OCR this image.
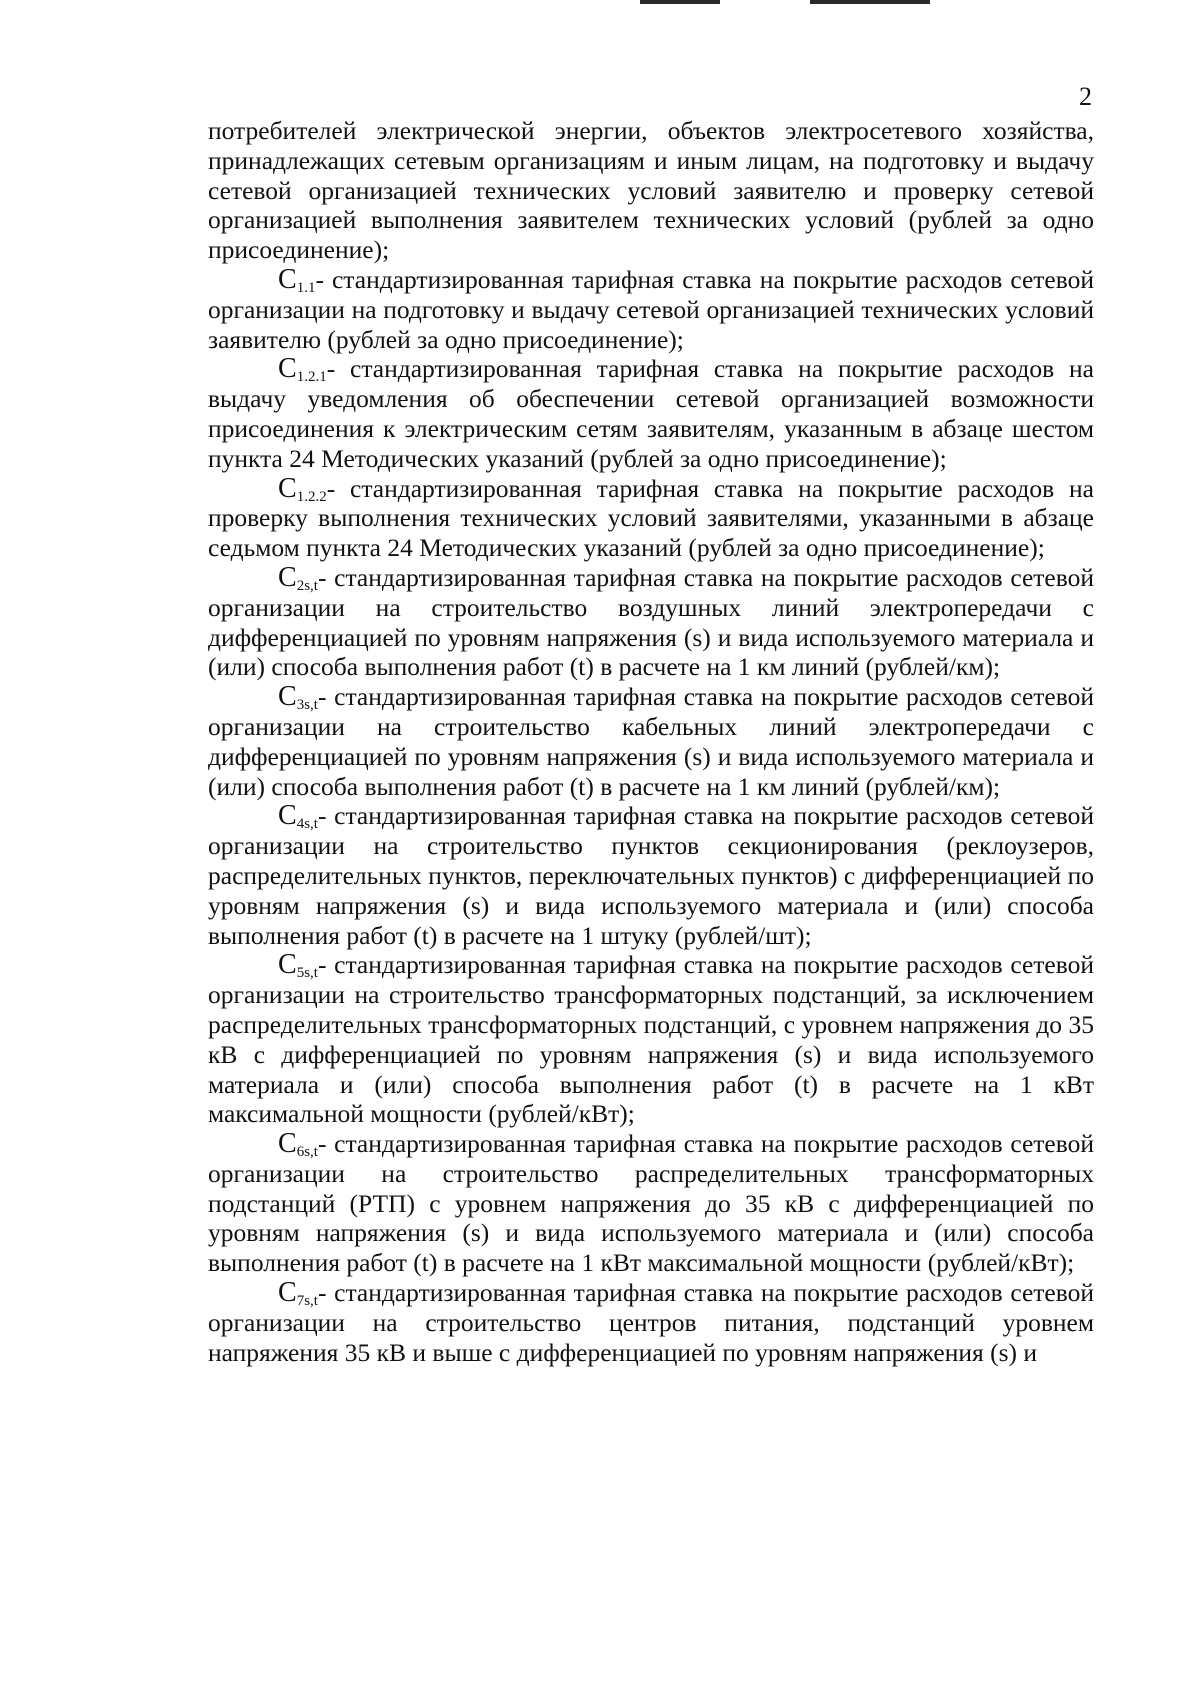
2

потребителей электрической энергии, объектов электросетевого хозяйства, принадлежащих сетевым организациям и иным лицам, на подготовку и выдачу сетевой организацией технических условий заявителю и проверку сетевой организацией выполнения заявителем технических условий (рублей за одно присоединение);

$C_{1.1}-$ стандартизированная тарифная ставка на покрытие расходов сетевой организации на подготовку и выдачу сетевой организацией технических условий заявителю (рублей за одно присоединение);

$C_{1.2.1}-$ стандартизированная тарифная ставка на покрытие расходов на выдачу уведомления об обеспечении сетевой организацией возможности присоединения к электрическим сетям заявителям, указанным в абзаце шестом пункта 24 Методических указаний (рублей за одно присоединение);

$C_{1.2.2}-$ стандартизированная тарифная ставка на покрытие расходов на проверку выполнения технических условий заявителями, указанными в абзаце седьмом пункта 24 Методических указаний (рублей за одно присоединение);

$C_{2s,t}-$ стандартизированная тарифная ставка на покрытие расходов сетевой организации на строительство воздушных линий электропередачи с дифференциацией по уровням напряжения (s) и вида используемого материала и (или) способа выполнения работ (t) в расчете на 1 км линий (рублей/км);

$C_{3s,t}-$ стандартизированная тарифная ставка на покрытие расходов сетевой организации на строительство кабельных линий электропередачи с дифференциацией по уровням напряжения (s) и вида используемого материала и (или) способа выполнения работ (t) в расчете на 1 км линий (рублей/км);

$C_{4s,t}-$ стандартизированная тарифная ставка на покрытие расходов сетевой организации на строительство пунктов секционирования (реклоузеров, распределительных пунктов, переключательных пунктов) с дифференциацией по уровням напряжения (s) и вида используемого материала и (или) способа выполнения работ (t) в расчете на 1 штуку (рублей/шт);

$C_{5s,t}-$ стандартизированная тарифная ставка на покрытие расходов сетевой организации на строительство трансформаторных подстанций, за исключением распределительных трансформаторных подстанций, с уровнем напряжения до 35 кВ с дифференциацией по уровням напряжения (s) и вида используемого материала и (или) способа выполнения работ (t) в расчете на 1 кВт максимальной мощности (рублей/кВт);

$C_{6s,t}-$ стандартизированная тарифная ставка на покрытие расходов сетевой организации на строительство распределительных трансформаторных подстанций (РТП) с уровнем напряжения до 35 кВ с дифференциацией по уровням напряжения (s) и вида используемого материала и (или) способа выполнения работ (t) в расчете на 1 кВт максимальной мощности (рублей/кВт);

$C_{7s,t}-$ стандартизированная тарифная ставка на покрытие расходов сетевой организации на строительство центров питания, подстанций уровнем напряжения 35 кВ и выше с дифференциацией по уровням напряжения (s) и
